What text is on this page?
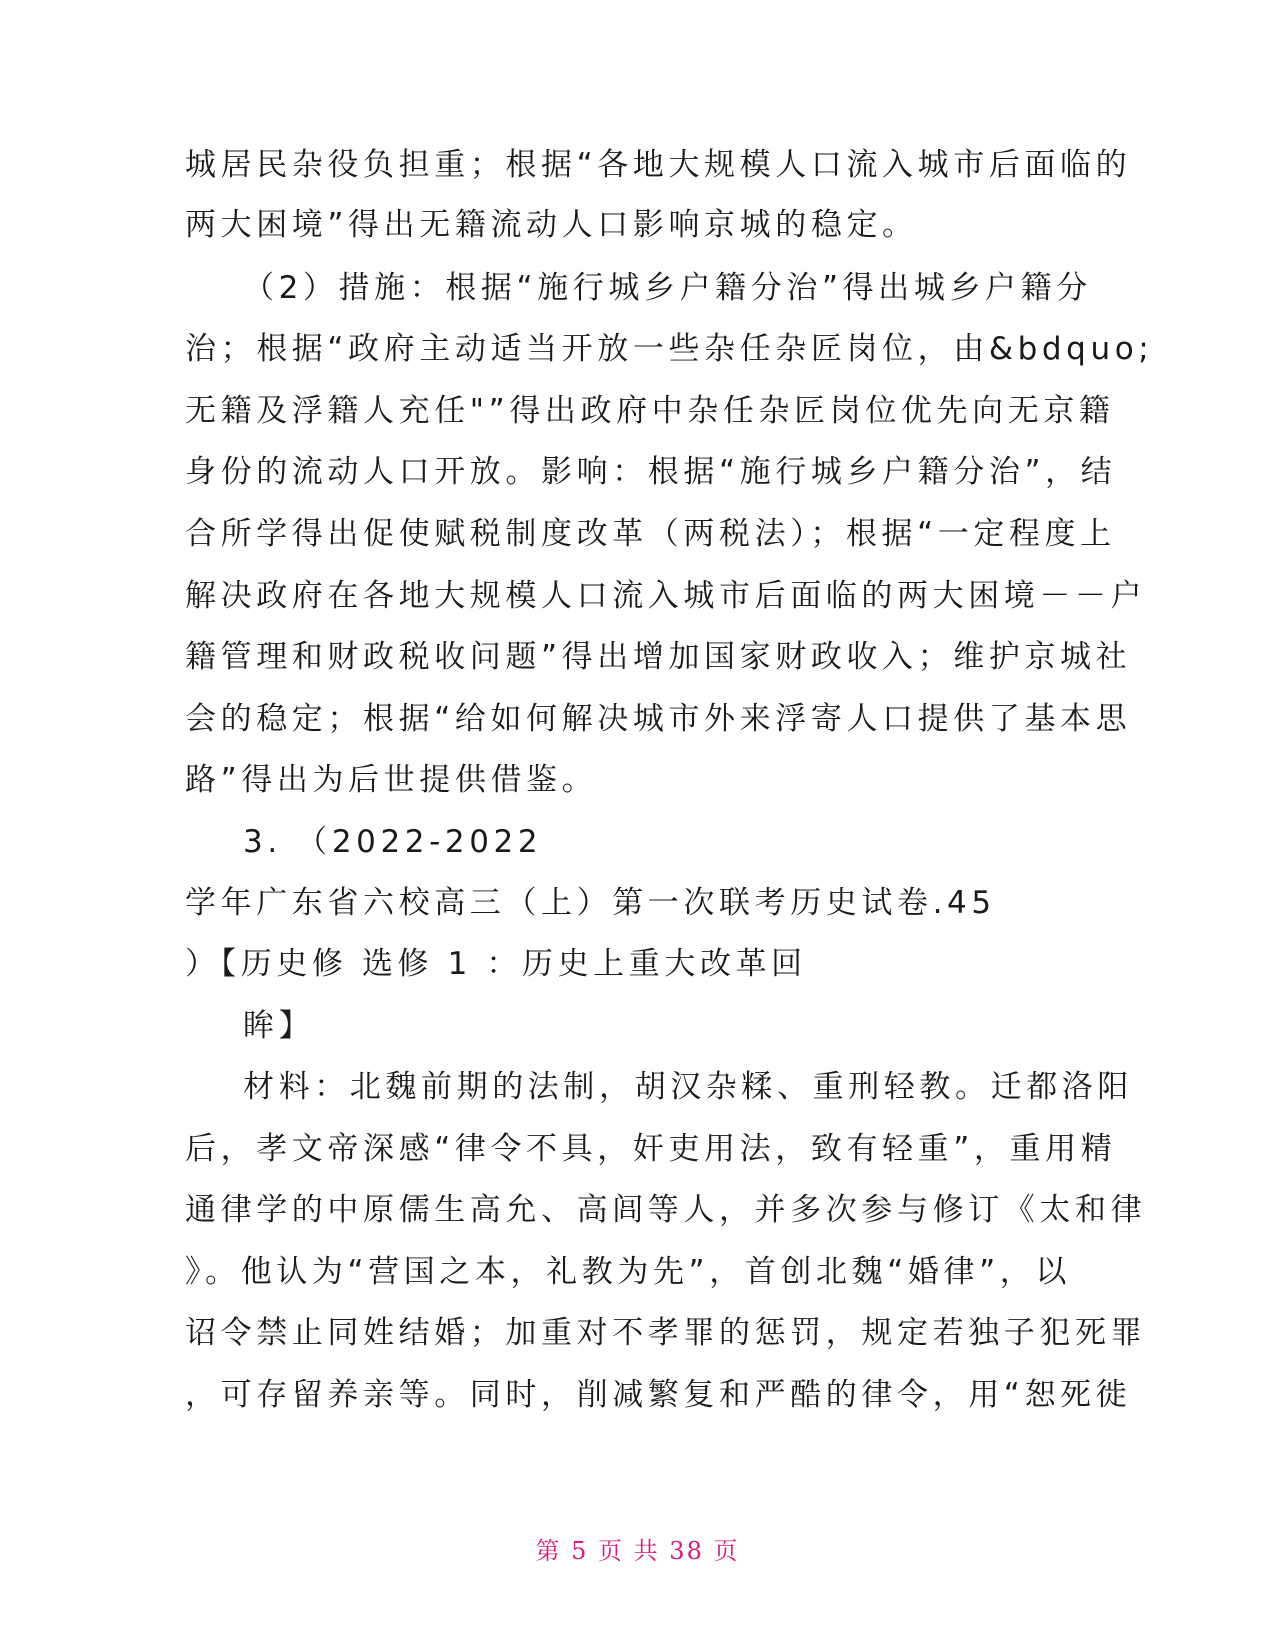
城居民杂役负担重；根据“各地大规模人口流入城市后面临的
两大困境”得出无籍流动人口影响京城的稳定。
（2）措施：根据“施行城乡户籍分治”得出城乡户籍分
治；根据“政府主动适当开放一些杂任杂匠岗位，由&bdquo;
无籍及浮籍人充任"”得出政府中杂任杂匠岗位优先向无京籍
身份的流动人口开放。影响：根据“施行城乡户籍分治”，结
合所学得出促使赋税制度改革（两税法）；根据“一定程度上
解决政府在各地大规模人口流入城市后面临的两大困境－－户
籍管理和财政税收问题”得出增加国家财政收入；维护京城社
会的稳定；根据“给如何解决城市外来浮寄人口提供了基本思
路”得出为后世提供借鉴。
3. （2022-2022
学年广东省六校高三（上）第一次联考历史试卷.45
）【历史修 选修 1 ：历史上重大改革回
眸】
材料：北魏前期的法制，胡汉杂糅、重刑轻教。迁都洛阳
后，孝文帝深感“律令不具，奸吏用法，致有轻重”，重用精
通律学的中原儒生高允、高闾等人，并多次参与修订《太和律
》。他认为“营国之本，礼教为先”，首创北魏“婚律”，以
诏令禁止同姓结婚；加重对不孝罪的惩罚，规定若独子犯死罪
，可存留养亲等。同时，削减繁复和严酷的律令，用“恕死徙
第 5 页 共 38 页
